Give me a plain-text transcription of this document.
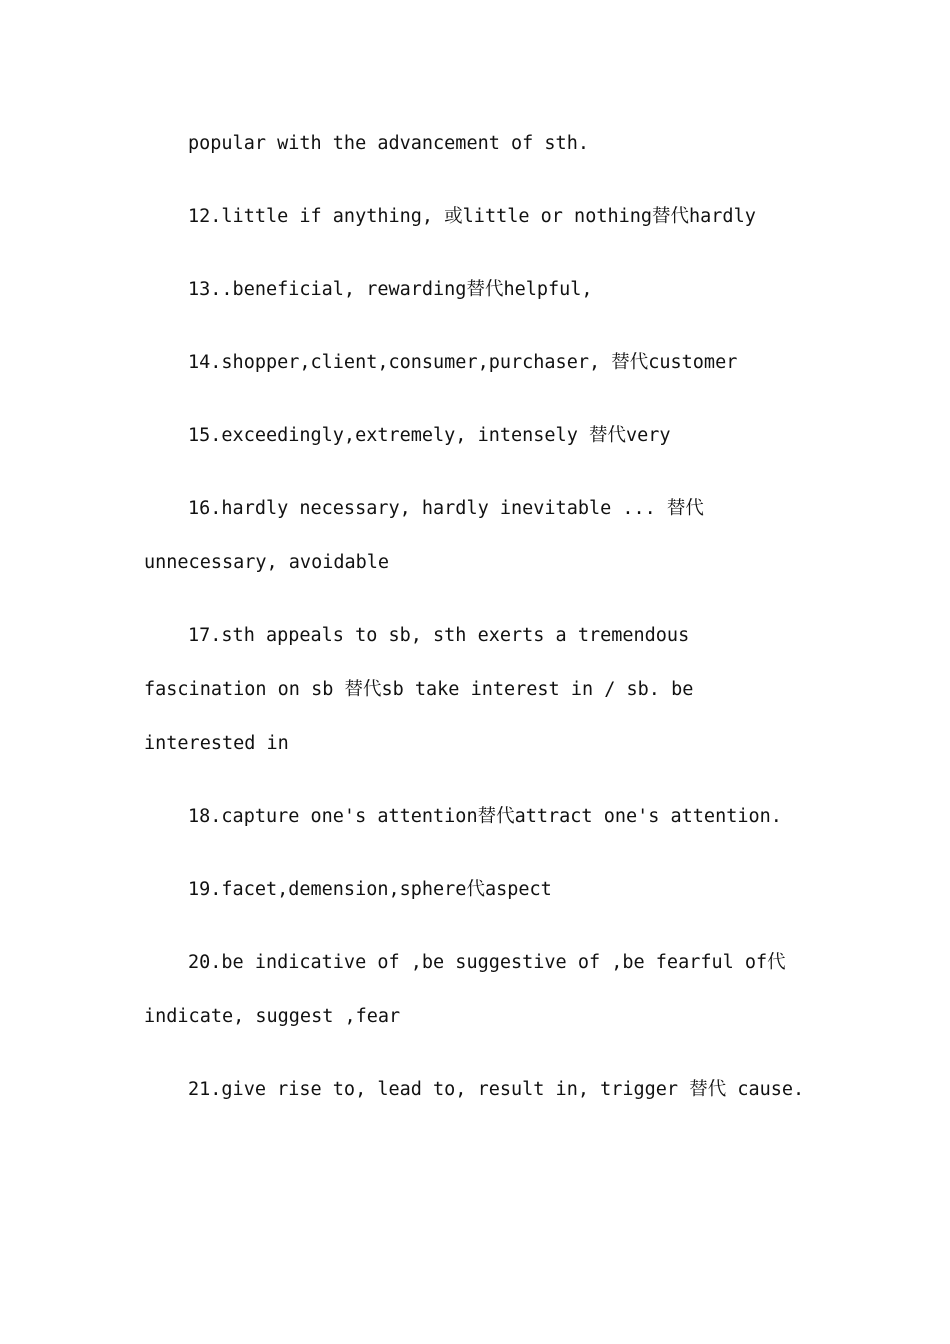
popular with the advancement of sth.

12.little if anything, 或little or nothing替代hardly

13..beneficial, rewarding替代helpful,

14.shopper,client,consumer,purchaser, 替代customer

15.exceedingly,extremely, intensely 替代very

16.hardly necessary, hardly inevitable ... 替代 unnecessary, avoidable

17.sth appeals to sb, sth exerts a tremendous fascination on sb 替代sb take interest in / sb. be interested in

18.capture one's attention替代attract one's attention.

19.facet,demension,sphere代aspect

20.be indicative of ,be suggestive of ,be fearful of代 indicate, suggest ,fear

21.give rise to, lead to, result in, trigger 替代 cause.
